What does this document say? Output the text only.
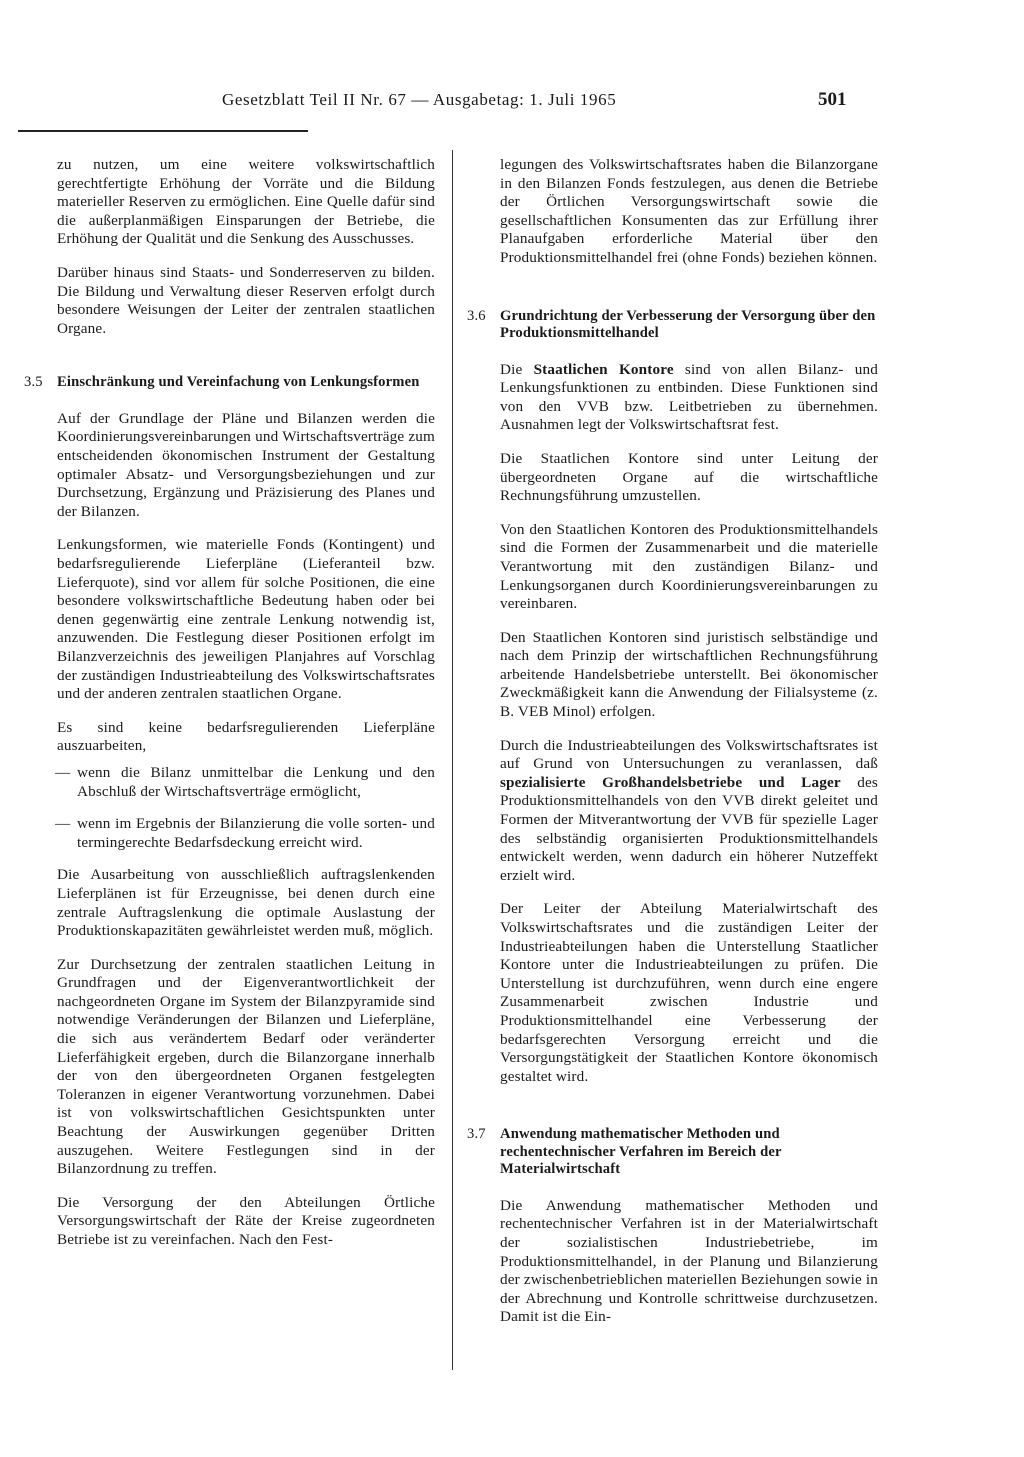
Gesetzblatt Teil II Nr. 67 — Ausgabetag: 1. Juli 1965	501

zu nutzen, um eine weitere volkswirtschaftlich gerechtfertigte Erhöhung der Vorräte und die Bildung materieller Reserven zu ermöglichen. Eine Quelle dafür sind die außerplanmäßigen Einsparungen der Betriebe, die Erhöhung der Qualität und die Senkung des Ausschusses.

Darüber hinaus sind Staats- und Sonderreserven zu bilden. Die Bildung und Verwaltung dieser Reserven erfolgt durch besondere Weisungen der Leiter der zentralen staatlichen Organe.

3.5 Einschränkung und Vereinfachung von Lenkungsformen

Auf der Grundlage der Pläne und Bilanzen werden die Koordinierungsvereinbarungen und Wirtschaftsverträge zum entscheidenden ökonomischen Instrument der Gestaltung optimaler Absatz- und Versorgungsbeziehungen und zur Durchsetzung, Ergänzung und Präzisierung des Planes und der Bilanzen.

Lenkungsformen, wie materielle Fonds (Kontingent) und bedarfsregulierende Lieferpläne (Lieferanteil bzw. Lieferquote), sind vor allem für solche Positionen, die eine besondere volkswirtschaftliche Bedeutung haben oder bei denen gegenwärtig eine zentrale Lenkung notwendig ist, anzuwenden. Die Festlegung dieser Positionen erfolgt im Bilanzverzeichnis des jeweiligen Planjahres auf Vorschlag der zuständigen Industrieabteilung des Volkswirtschaftsrates und der anderen zentralen staatlichen Organe.

Es sind keine bedarfsregulierenden Lieferpläne auszuarbeiten,

— wenn die Bilanz unmittelbar die Lenkung und den Abschluß der Wirtschaftsverträge ermöglicht,
— wenn im Ergebnis der Bilanzierung die volle sorten- und termingerechte Bedarfsdeckung erreicht wird.

Die Ausarbeitung von ausschließlich auftragslenkenden Lieferplänen ist für Erzeugnisse, bei denen durch eine zentrale Auftragslenkung die optimale Auslastung der Produktionskapazitäten gewährleistet werden muß, möglich.

Zur Durchsetzung der zentralen staatlichen Leitung in Grundfragen und der Eigenverantwortlichkeit der nachgeordneten Organe im System der Bilanzpyramide sind notwendige Veränderungen der Bilanzen und Lieferpläne, die sich aus verändertem Bedarf oder veränderter Lieferfähigkeit ergeben, durch die Bilanzorgane innerhalb der von den übergeordneten Organen festgelegten Toleranzen in eigener Verantwortung vorzunehmen. Dabei ist von volkswirtschaftlichen Gesichtspunkten unter Beachtung der Auswirkungen gegenüber Dritten auszugehen. Weitere Festlegungen sind in der Bilanzordnung zu treffen.

Die Versorgung der den Abteilungen Örtliche Versorgungswirtschaft der Räte der Kreise zugeordneten Betriebe ist zu vereinfachen. Nach den Fest-

legungen des Volkswirtschaftsrates haben die Bilanzorgane in den Bilanzen Fonds festzulegen, aus denen die Betriebe der Örtlichen Versorgungswirtschaft sowie die gesellschaftlichen Konsumenten das zur Erfüllung ihrer Planaufgaben erforderliche Material über den Produktionsmittelhandel frei (ohne Fonds) beziehen können.

3.6 Grundrichtung der Verbesserung der Versorgung über den Produktionsmittelhandel

Die Staatlichen Kontore sind von allen Bilanz- und Lenkungsfunktionen zu entbinden. Diese Funktionen sind von den VVB bzw. Leitbetrieben zu übernehmen. Ausnahmen legt der Volkswirtschaftsrat fest.

Die Staatlichen Kontore sind unter Leitung der übergeordneten Organe auf die wirtschaftliche Rechnungsführung umzustellen.

Von den Staatlichen Kontoren des Produktionsmittelhandels sind die Formen der Zusammenarbeit und die materielle Verantwortung mit den zuständigen Bilanz- und Lenkungsorganen durch Koordinierungsvereinbarungen zu vereinbaren.

Den Staatlichen Kontoren sind juristisch selbständige und nach dem Prinzip der wirtschaftlichen Rechnungsführung arbeitende Handelsbetriebe unterstellt. Bei ökonomischer Zweckmäßigkeit kann die Anwendung der Filialsysteme (z. B. VEB Minol) erfolgen.

Durch die Industrieabteilungen des Volkswirtschaftsrates ist auf Grund von Untersuchungen zu veranlassen, daß spezialisierte Großhandelsbetriebe und Lager des Produktionsmittelhandels von den VVB direkt geleitet und Formen der Mitverantwortung der VVB für spezielle Lager des selbständig organisierten Produktionsmittelhandels entwickelt werden, wenn dadurch ein höherer Nutzeffekt erzielt wird.

Der Leiter der Abteilung Materialwirtschaft des Volkswirtschaftsrates und die zuständigen Leiter der Industrieabteilungen haben die Unterstellung Staatlicher Kontore unter die Industrieabteilungen zu prüfen. Die Unterstellung ist durchzuführen, wenn durch eine engere Zusammenarbeit zwischen Industrie und Produktionsmittelhandel eine Verbesserung der bedarfsgerechten Versorgung erreicht und die Versorgungstätigkeit der Staatlichen Kontore ökonomisch gestaltet wird.

3.7 Anwendung mathematischer Methoden und rechentechnischer Verfahren im Bereich der Materialwirtschaft

Die Anwendung mathematischer Methoden und rechentechnischer Verfahren ist in der Materialwirtschaft der sozialistischen Industriebetriebe, im Produktionsmittelhandel, in der Planung und Bilanzierung der zwischenbetrieblichen materiellen Beziehungen sowie in der Abrechnung und Kontrolle schrittweise durchzusetzen. Damit ist die Ein-
